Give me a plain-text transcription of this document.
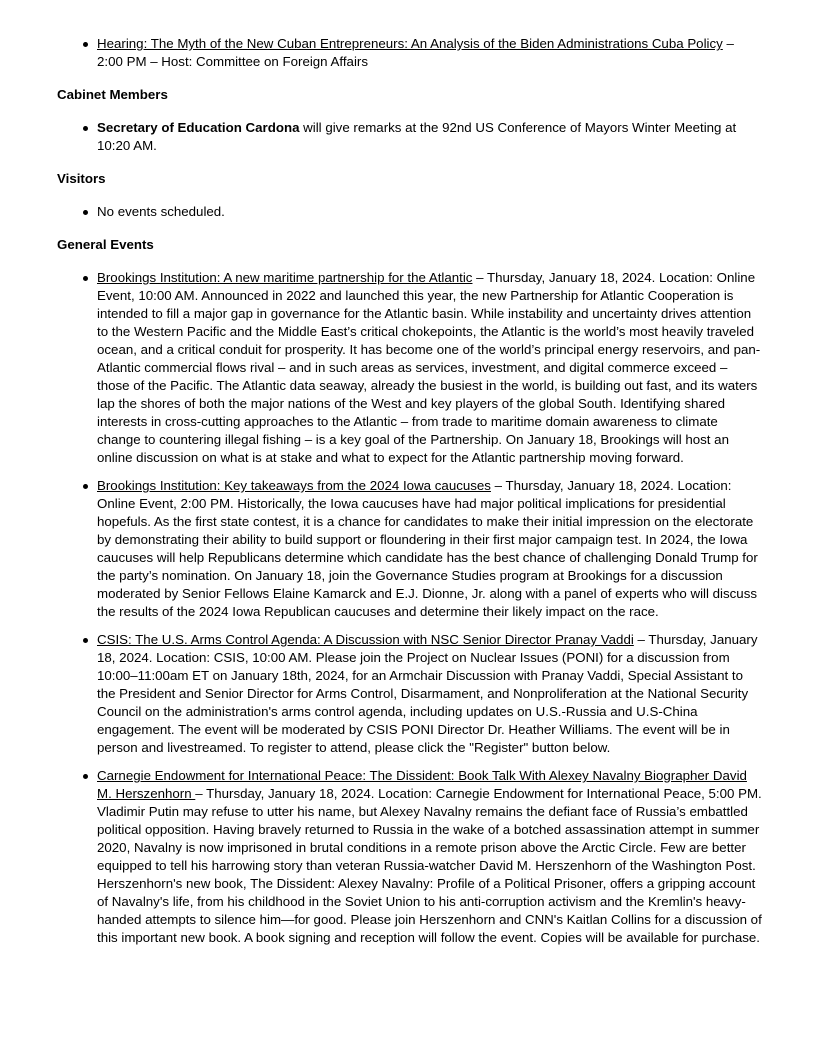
Hearing: The Myth of the New Cuban Entrepreneurs: An Analysis of the Biden Administrations Cuba Policy – 2:00 PM – Host: Committee on Foreign Affairs

Cabinet Members

Secretary of Education Cardona will give remarks at the 92nd US Conference of Mayors Winter Meeting at 10:20 AM.

Visitors

No events scheduled.

General Events

Brookings Institution: A new maritime partnership for the Atlantic – Thursday, January 18, 2024. Location: Online Event, 10:00 AM. Announced in 2022 and launched this year, the new Partnership for Atlantic Cooperation is intended to fill a major gap in governance for the Atlantic basin. While instability and uncertainty drives attention to the Western Pacific and the Middle East’s critical chokepoints, the Atlantic is the world’s most heavily traveled ocean, and a critical conduit for prosperity. It has become one of the world’s principal energy reservoirs, and pan-Atlantic commercial flows rival – and in such areas as services, investment, and digital commerce exceed – those of the Pacific. The Atlantic data seaway, already the busiest in the world, is building out fast, and its waters lap the shores of both the major nations of the West and key players of the global South. Identifying shared interests in cross-cutting approaches to the Atlantic – from trade to maritime domain awareness to climate change to countering illegal fishing – is a key goal of the Partnership. On January 18, Brookings will host an online discussion on what is at stake and what to expect for the Atlantic partnership moving forward.
Brookings Institution: Key takeaways from the 2024 Iowa caucuses – Thursday, January 18, 2024. Location: Online Event, 2:00 PM. Historically, the Iowa caucuses have had major political implications for presidential hopefuls. As the first state contest, it is a chance for candidates to make their initial impression on the electorate by demonstrating their ability to build support or floundering in their first major campaign test. In 2024, the Iowa caucuses will help Republicans determine which candidate has the best chance of challenging Donald Trump for the party’s nomination. On January 18, join the Governance Studies program at Brookings for a discussion moderated by Senior Fellows Elaine Kamarck and E.J. Dionne, Jr. along with a panel of experts who will discuss the results of the 2024 Iowa Republican caucuses and determine their likely impact on the race.
CSIS: The U.S. Arms Control Agenda: A Discussion with NSC Senior Director Pranay Vaddi – Thursday, January 18, 2024. Location: CSIS, 10:00 AM. Please join the Project on Nuclear Issues (PONI) for a discussion from 10:00–11:00am ET on January 18th, 2024, for an Armchair Discussion with Pranay Vaddi, Special Assistant to the President and Senior Director for Arms Control, Disarmament, and Nonproliferation at the National Security Council on the administration's arms control agenda, including updates on U.S.-Russia and U.S-China engagement. The event will be moderated by CSIS PONI Director Dr. Heather Williams. The event will be in person and livestreamed. To register to attend, please click the "Register" button below.
Carnegie Endowment for International Peace: The Dissident: Book Talk With Alexey Navalny Biographer David M. Herszenhorn – Thursday, January 18, 2024. Location: Carnegie Endowment for International Peace, 5:00 PM. Vladimir Putin may refuse to utter his name, but Alexey Navalny remains the defiant face of Russia’s embattled political opposition. Having bravely returned to Russia in the wake of a botched assassination attempt in summer 2020, Navalny is now imprisoned in brutal conditions in a remote prison above the Arctic Circle. Few are better equipped to tell his harrowing story than veteran Russia-watcher David M. Herszenhorn of the Washington Post. Herszenhorn's new book, The Dissident: Alexey Navalny: Profile of a Political Prisoner, offers a gripping account of Navalny's life, from his childhood in the Soviet Union to his anti-corruption activism and the Kremlin's heavy-handed attempts to silence him—for good. Please join Herszenhorn and CNN's Kaitlan Collins for a discussion of this important new book. A book signing and reception will follow the event. Copies will be available for purchase.
